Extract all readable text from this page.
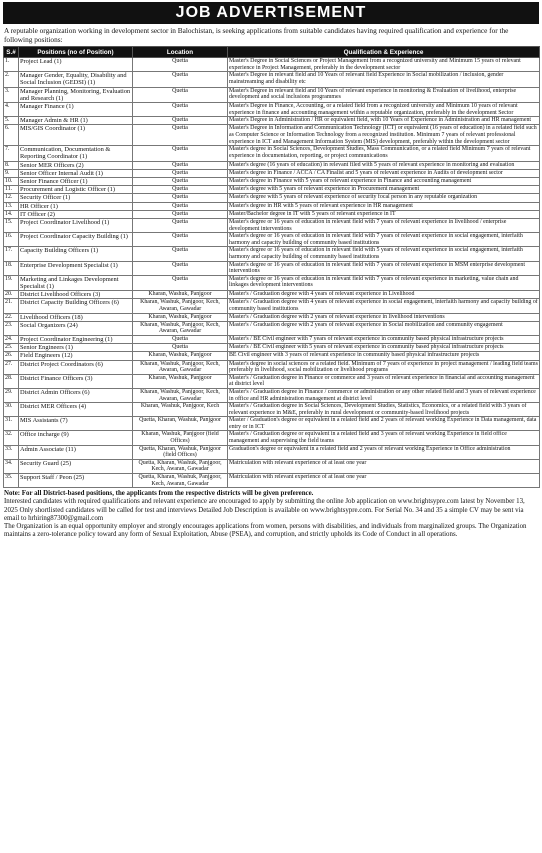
JOB ADVERTISEMENT
A reputable organization working in development sector in Balochistan, is seeking applications from suitable candidates having required qualification and experience for the following positions:
S.#	Positions (no of Position)	Location	Qualification & Experience
1.	Project Lead (1)	Quetta	Master's Degree in Social Sciences or Project Management from a recognized university and Minimum 15 years of relevant experience in Project Management, preferably in the development sector
2.	Manager Gender, Equality, Disability and Social Inclusion (GEDSI) (1)	Quetta	Master's Degree in relevant field and 10 Years of relevant field Experience in Social mobilization / inclusion, gender mainstreaming and disability etc
3.	Manager Planning, Monitoring, Evaluation and Research (1)	Quetta	Master's Degree in relevant field and 10 Years of relevant experience in monitoring & Evaluation of livelihood, enterprise development and social inclusions programmes
4.	Manager Finance (1)	Quetta	Master's Degree in Finance, Accounting, or a related field from a recognized university and Minimum 10 years of relevant experience in finance and accounting management within a reputable organization, preferably in the development Sector
5.	Manager Admin & HR (1)	Quetta	Master's Degree in Administration / HR or equivalent field, with 10 Years of Experience in Administration and HR management
6.	MIS/GIS Coordinator (1)	Quetta	Master's Degree in Information and Communication Technology (ICT) or equivalent (16 years of education) in a related field such as Computer Science or Information Technology from a recognized institution. Minimum 7 years of relevant professional experience in ICT and Management Information System (MIS) development, preferably within the development sector
7.	Communication, Documentation & Reporting Coordinator (1)	Quetta	Master's degree in Social Sciences, Development Studies, Mass Communication, or a related field Minimum 7 years of relevant experience in documentation, reporting, or project communications
8.	Senior MER Officers (2)	Quetta	Master's degree (16 years of education) in relevant filed with 5 years of relevant experience in monitoring and evaluation
9.	Senior Officer Internal Audit (1)	Quetta	Master's degree in Finance / ACCA / CA Finalist and 5 years of relevant experience in Audits of development sector
10.	Senior Finance Officer (1)	Quetta	Master's degree in Finance with 5 years of relevant experience in Finance and accounting management
11.	Procurement and Logistic Officer (1)	Quetta	Master's degree with 5 years of relevant experience in Procurement management
12.	Security Officer (1)	Quetta	Master's degree with 5 years of relevant experience of security focal person in any reputable organization
13.	HR Officer (1)	Quetta	Master's degree in HR with 5 years of relevant experience in HR management
14.	IT Officer (2)	Quetta	Master/Bachelor degree in IT with 5 years of relevant experience in IT
15.	Project Coordinator Livelihood (1)	Quetta	Master's degree or 16 years of education in relevant field with 7 years of relevant experience in livelihood / enterprise development interventions
16.	Project Coordinator Capacity Building (1)	Quetta	Master's degree or 16 years of education in relevant field with 7 years of relevant experience in social engagement, interfaith harmony and capacity building of community based institutions
17.	Capacity Building Officers (1)	Quetta	Master's degree or 16 years of education in relevant field with 5 years of relevant experience in social engagement, interfaith harmony and capacity building of community based institutions
18.	Enterprise Development Specialist (1)	Quetta	Master's degree or 16 years of education in relevant field with 7 years of relevant experience in MSM enterprise development interventions
19.	Marketing and Linkages Development Specialist (1)	Quetta	Master's degree or 16 years of education in relevant field with 7 years of relevant experience in marketing, value chain and linkages development interventions
20.	District Livelihood Officers (3)	Kharan, Washuk, Panjgoor	Master's / Graduation degree with 4 years of relevant experience in Livelihood
21.	District Capacity Building Officers (6)	Kharan, Washuk, Panjgoor, Kech, Awaran, Gawadar	Master's / Graduation degree with 4 years of relevant experience in social engagement, interfaith harmony and capacity building of community based institutions
22.	Livelihood Officers (18)	Kharan, Washuk, Panjgoor	Master's / Graduation degree with 2 years of relevant experience in livelihood interventions
23.	Social Organizers (24)	Kharan, Washuk, Panjgoor, Kech, Awaran, Gawadar	Master's / Graduation degree with 2 years of relevant experience in Social mobilization and community engagement
24.	Project Coordinator Engineering (1)	Quetta	Master's / BE Civil engineer with 7 years of relevant experience in community based physical infrastructure projects
25.	Senior Engineers (1)	Quetta	Master's / BE Civil engineer with 5 years of relevant experience in community based physical infrastructure projects
26.	Field Engineers (12)	Kharan, Washuk, Panjgoor	BE Civil engineer with 3 years of relevant experience in community based physical infrastructure projects
27.	District Project Coordinators (6)	Kharan, Washuk, Panjgoor, Kech, Awaran, Gawadar	Master's degree in social sciences or a related field. Minimum of 7 years of experience in project management / leading field teams preferably in livelihood, social mobilization or livelihood programs
28.	District Finance Officers (3)	Kharan, Washuk, Panjgoor	Master's / Graduation degree in Finance or commerce and 3 years of relevant experience in financial and accounting management at district level
29.	District Admin Officers (6)	Kharan, Washuk, Panjgoor, Kech, Awaran, Gawadar	Master's / Graduation degree in Finance / commerce or administration or any other related field and 3 years of relevant experience in office and HR administration management at district level
30.	District MER Officers (4)	Kharan, Washuk, Panjgoor, Kech	Master's / Graduation degree in Social Sciences, Development Studies, Statistics, Economics, or a related field with 3 years of relevant experience in M&E, preferably in rural development or community-based livelihood projects
31.	MIS Assistants (7)	Quetta, Kharan, Washuk, Panjgoor	Master / Graduation's degree or equivalent in a related field and 2 years of relevant working Experience in Data management, data entry or in ICT
32.	Office incharge (9)	Kharan, Washuk, Panjgoor (field Offices)	Master's / Graduation degree or equivalent in a related field and 3 years of relevant working Experience in field office management and supervising the field teams
33.	Admin Associate (11)	Quetta, Kharan, Washuk, Panjgoor (field Offices)	Graduation's degree or equivalent in a related field and 2 years of relevant working Experience in Office administration
34.	Security Guard (25)	Quetta, Kharan, Washuk, Panjgoor, Kech, Awaran, Gawadar	Matriculation with relevant experience of at least one year
35.	Support Staff / Peon (25)	Quetta, Kharan, Washuk, Panjgoor, Kech, Awaran, Gawadar	Matriculation with relevant experience of at least one year
Note: For all District-based positions, the applicants from the respective districts will be given preference.
Interested candidates with required qualifications and relevant experience are encouraged to apply by submitting the online Job application on www.brightsypre.com latest by November 13, 2025 Only shortlisted candidates will be called for test and interviews Detailed Job Description is available on www.brightsypre.com. For Serial No. 34 and 35 a simple CV may be sent via email to hrhiring87300@gmail.com
The Organization is an equal opportunity employer and strongly encourages applications from women, persons with disabilities, and individuals from marginalized groups. The Organization maintains a zero-tolerance policy toward any form of Sexual Exploitation, Abuse (PSEA), and corruption, and strictly upholds its Code of Conduct in all operations.
